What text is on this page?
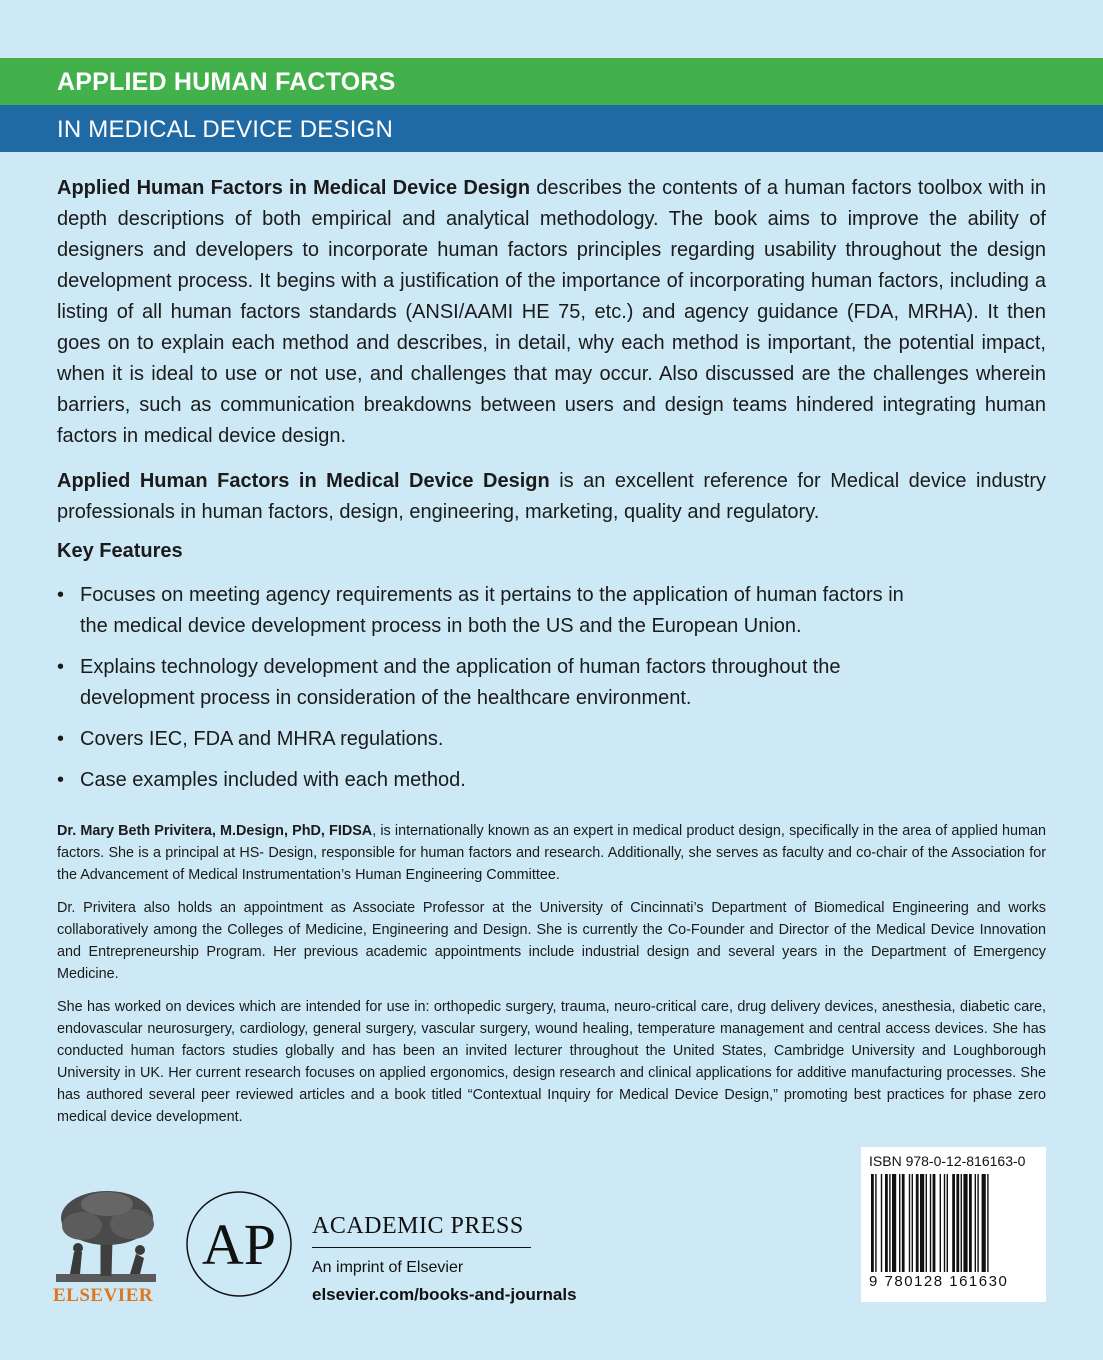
APPLIED HUMAN FACTORS
IN MEDICAL DEVICE DESIGN

Applied Human Factors in Medical Device Design describes the contents of a human factors toolbox with in depth descriptions of both empirical and analytical methodology. The book aims to improve the ability of designers and developers to incorporate human factors principles regarding usability throughout the design development process. It begins with a justification of the importance of incorporating human factors, including a listing of all human factors standards (ANSI/AAMI HE 75, etc.) and agency guidance (FDA, MRHA). It then goes on to explain each method and describes, in detail, why each method is important, the potential impact, when it is ideal to use or not use, and challenges that may occur. Also discussed are the challenges wherein barriers, such as communication breakdowns between users and design teams hindered integrating human factors in medical device design.

Applied Human Factors in Medical Device Design is an excellent reference for Medical device industry professionals in human factors, design, engineering, marketing, quality and regulatory.

Key Features
• Focuses on meeting agency requirements as it pertains to the application of human factors in the medical device development process in both the US and the European Union.
• Explains technology development and the application of human factors throughout the development process in consideration of the healthcare environment.
• Covers IEC, FDA and MHRA regulations.
• Case examples included with each method.

Dr. Mary Beth Privitera, M.Design, PhD, FIDSA, is internationally known as an expert in medical product design, specifically in the area of applied human factors. She is a principal at HS- Design, responsible for human factors and research. Additionally, she serves as faculty and co-chair of the Association for the Advancement of Medical Instrumentation’s Human Engineering Committee.

Dr. Privitera also holds an appointment as Associate Professor at the University of Cincinnati’s Department of Biomedical Engineering and works collaboratively among the Colleges of Medicine, Engineering and Design. She is currently the Co-Founder and Director of the Medical Device Innovation and Entrepreneurship Program. Her previous academic appointments include industrial design and several years in the Department of Emergency Medicine.

She has worked on devices which are intended for use in: orthopedic surgery, trauma, neuro-critical care, drug delivery devices, anesthesia, diabetic care, endovascular neurosurgery, cardiology, general surgery, vascular surgery, wound healing, temperature management and central access devices. She has conducted human factors studies globally and has been an invited lecturer throughout the United States, Cambridge University and Loughborough University in UK. Her current research focuses on applied ergonomics, design research and clinical applications for additive manufacturing processes. She has authored several peer reviewed articles and a book titled “Contextual Inquiry for Medical Device Design,” promoting best practices for phase zero medical device development.

ELSEVIER
AP ACADEMIC PRESS
An imprint of Elsevier
elsevier.com/books-and-journals
ISBN 978-0-12-816163-0
9 780128 161630
